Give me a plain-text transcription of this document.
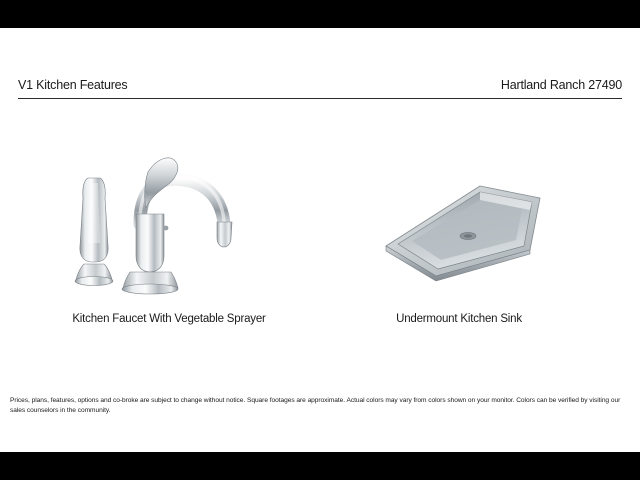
V1 Kitchen Features	Hartland Ranch 27490
Kitchen Faucet With Vegetable Sprayer	Undermount Kitchen Sink
Prices, plans, features, options and co-broke are subject to change without notice. Square footages are approximate. Actual colors may vary from colors shown on your monitor. Colors can be verified by visiting our sales counselors in the community.
